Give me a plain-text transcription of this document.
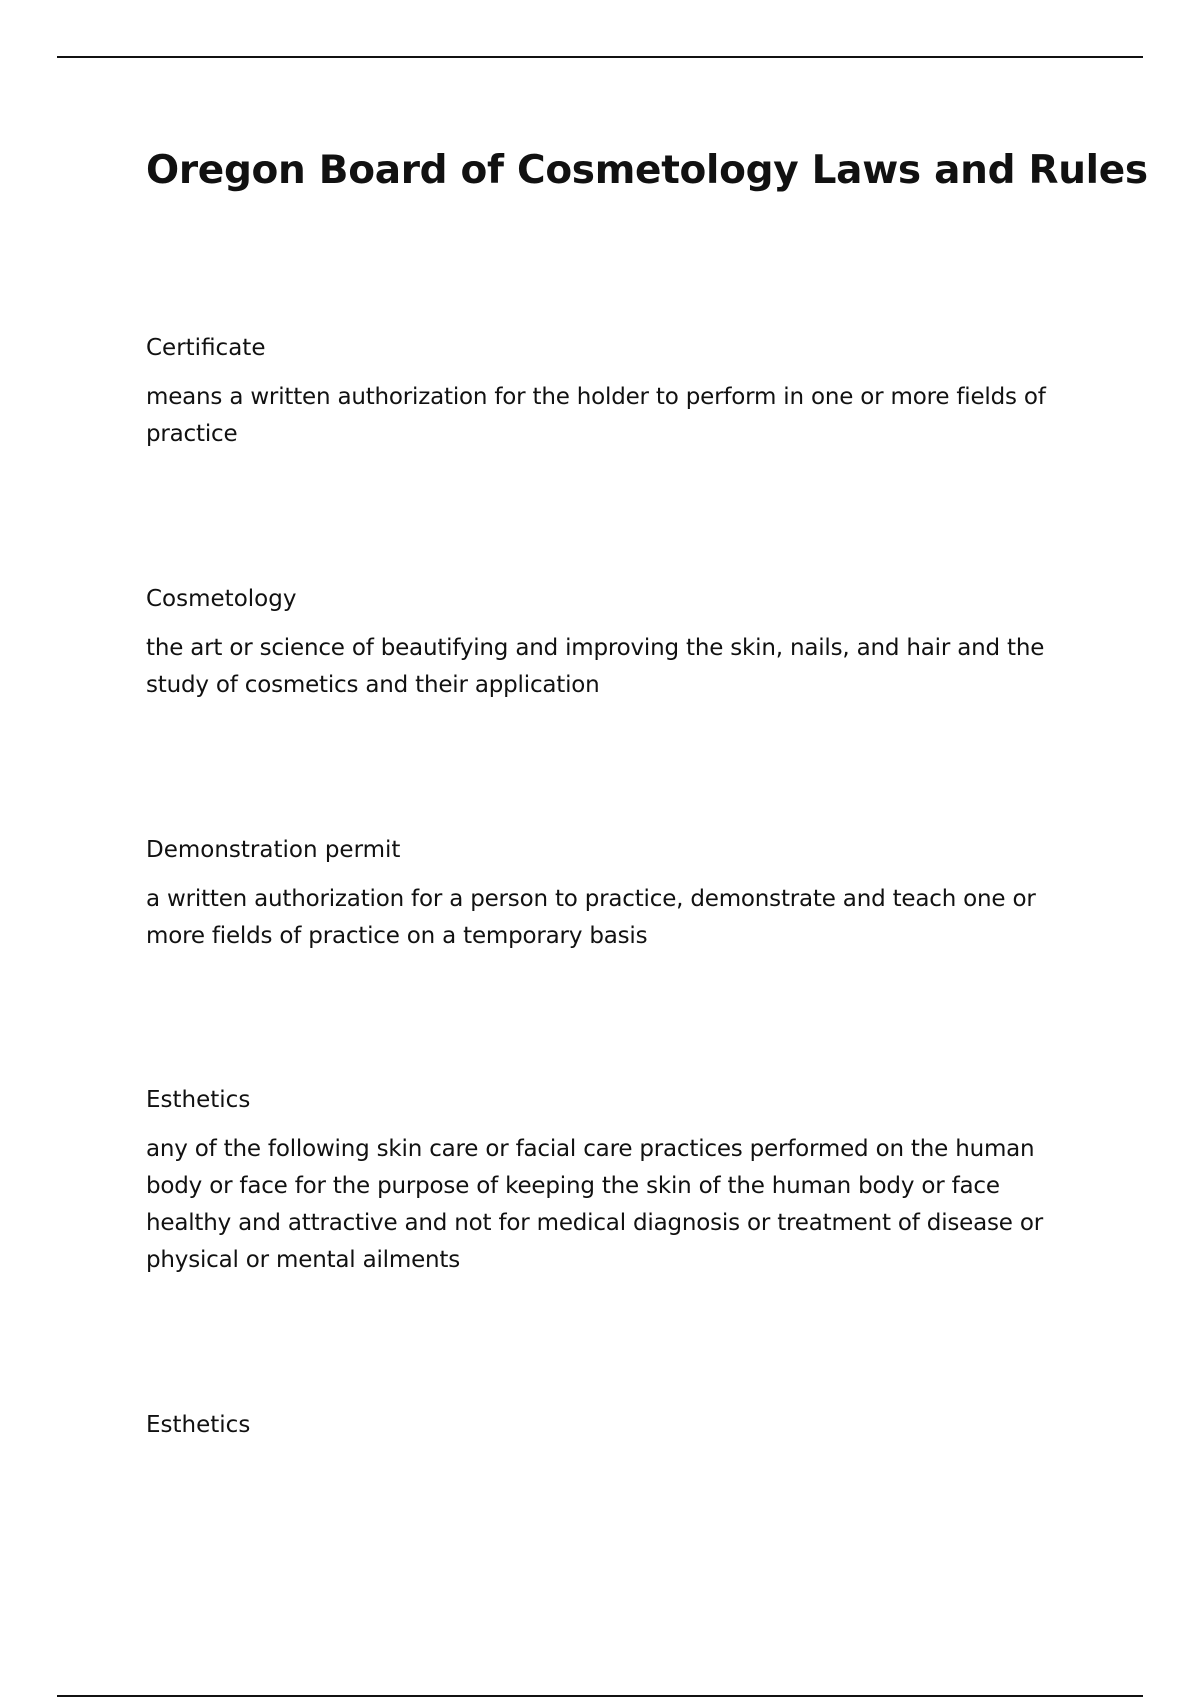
Oregon Board of Cosmetology Laws and Rules

Certificate

means a written authorization for the holder to perform in one or more fields of practice

Cosmetology

the art or science of beautifying and improving the skin, nails, and hair and the study of cosmetics and their application

Demonstration permit

a written authorization for a person to practice, demonstrate and teach one or more fields of practice on a temporary basis

Esthetics

any of the following skin care or facial care practices performed on the human body or face for the purpose of keeping the skin of the human body or face healthy and attractive and not for medical diagnosis or treatment of disease or physical or mental ailments

Esthetics
